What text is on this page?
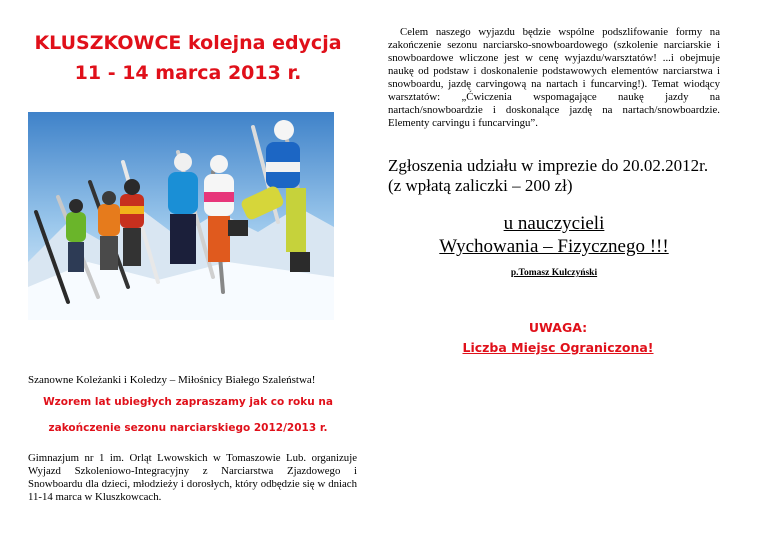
KLUSZKOWCE kolejna edycja
11 - 14 marca 2013 r.
Szanowne Koleżanki i Koledzy – Miłośnicy Białego Szaleństwa!
Wzorem lat ubiegłych zapraszamy jak co roku na
zakończenie sezonu narciarskiego 2012/2013 r.
Gimnazjum nr 1 im. Orląt Lwowskich w Tomaszowie Lub. organizuje Wyjazd Szkoleniowo-Integracyjny z Narciarstwa Zjazdowego i Snowboardu dla dzieci, młodzieży i dorosłych, który odbędzie się w dniach 11-14 marca w Kluszkowcach.
Celem naszego wyjazdu będzie wspólne podszlifowanie formy na zakończenie sezonu narciarsko-snowboardowego (szkolenie narciarskie i snowboardowe wliczone jest w cenę wyjazdu/warsztatów! ...i obejmuje naukę od podstaw i doskonalenie podstawowych elementów narciarstwa i snowboardu, jazdę carvingową na nartach i funcarving!). Temat wiodący warsztatów: „Ćwiczenia wspomagające naukę jazdy na nartach/snowboardzie i doskonalące jazdę na nartach/snowboardzie. Elementy carvingu i funcarvingu”.
Zgłoszenia udziału w imprezie do 20.02.2012r. (z wpłatą zaliczki – 200 zł)
u nauczycieli
Wychowania – Fizycznego !!!
p.Tomasz Kulczyński
UWAGA:
Liczba Miejsc Ograniczona!
